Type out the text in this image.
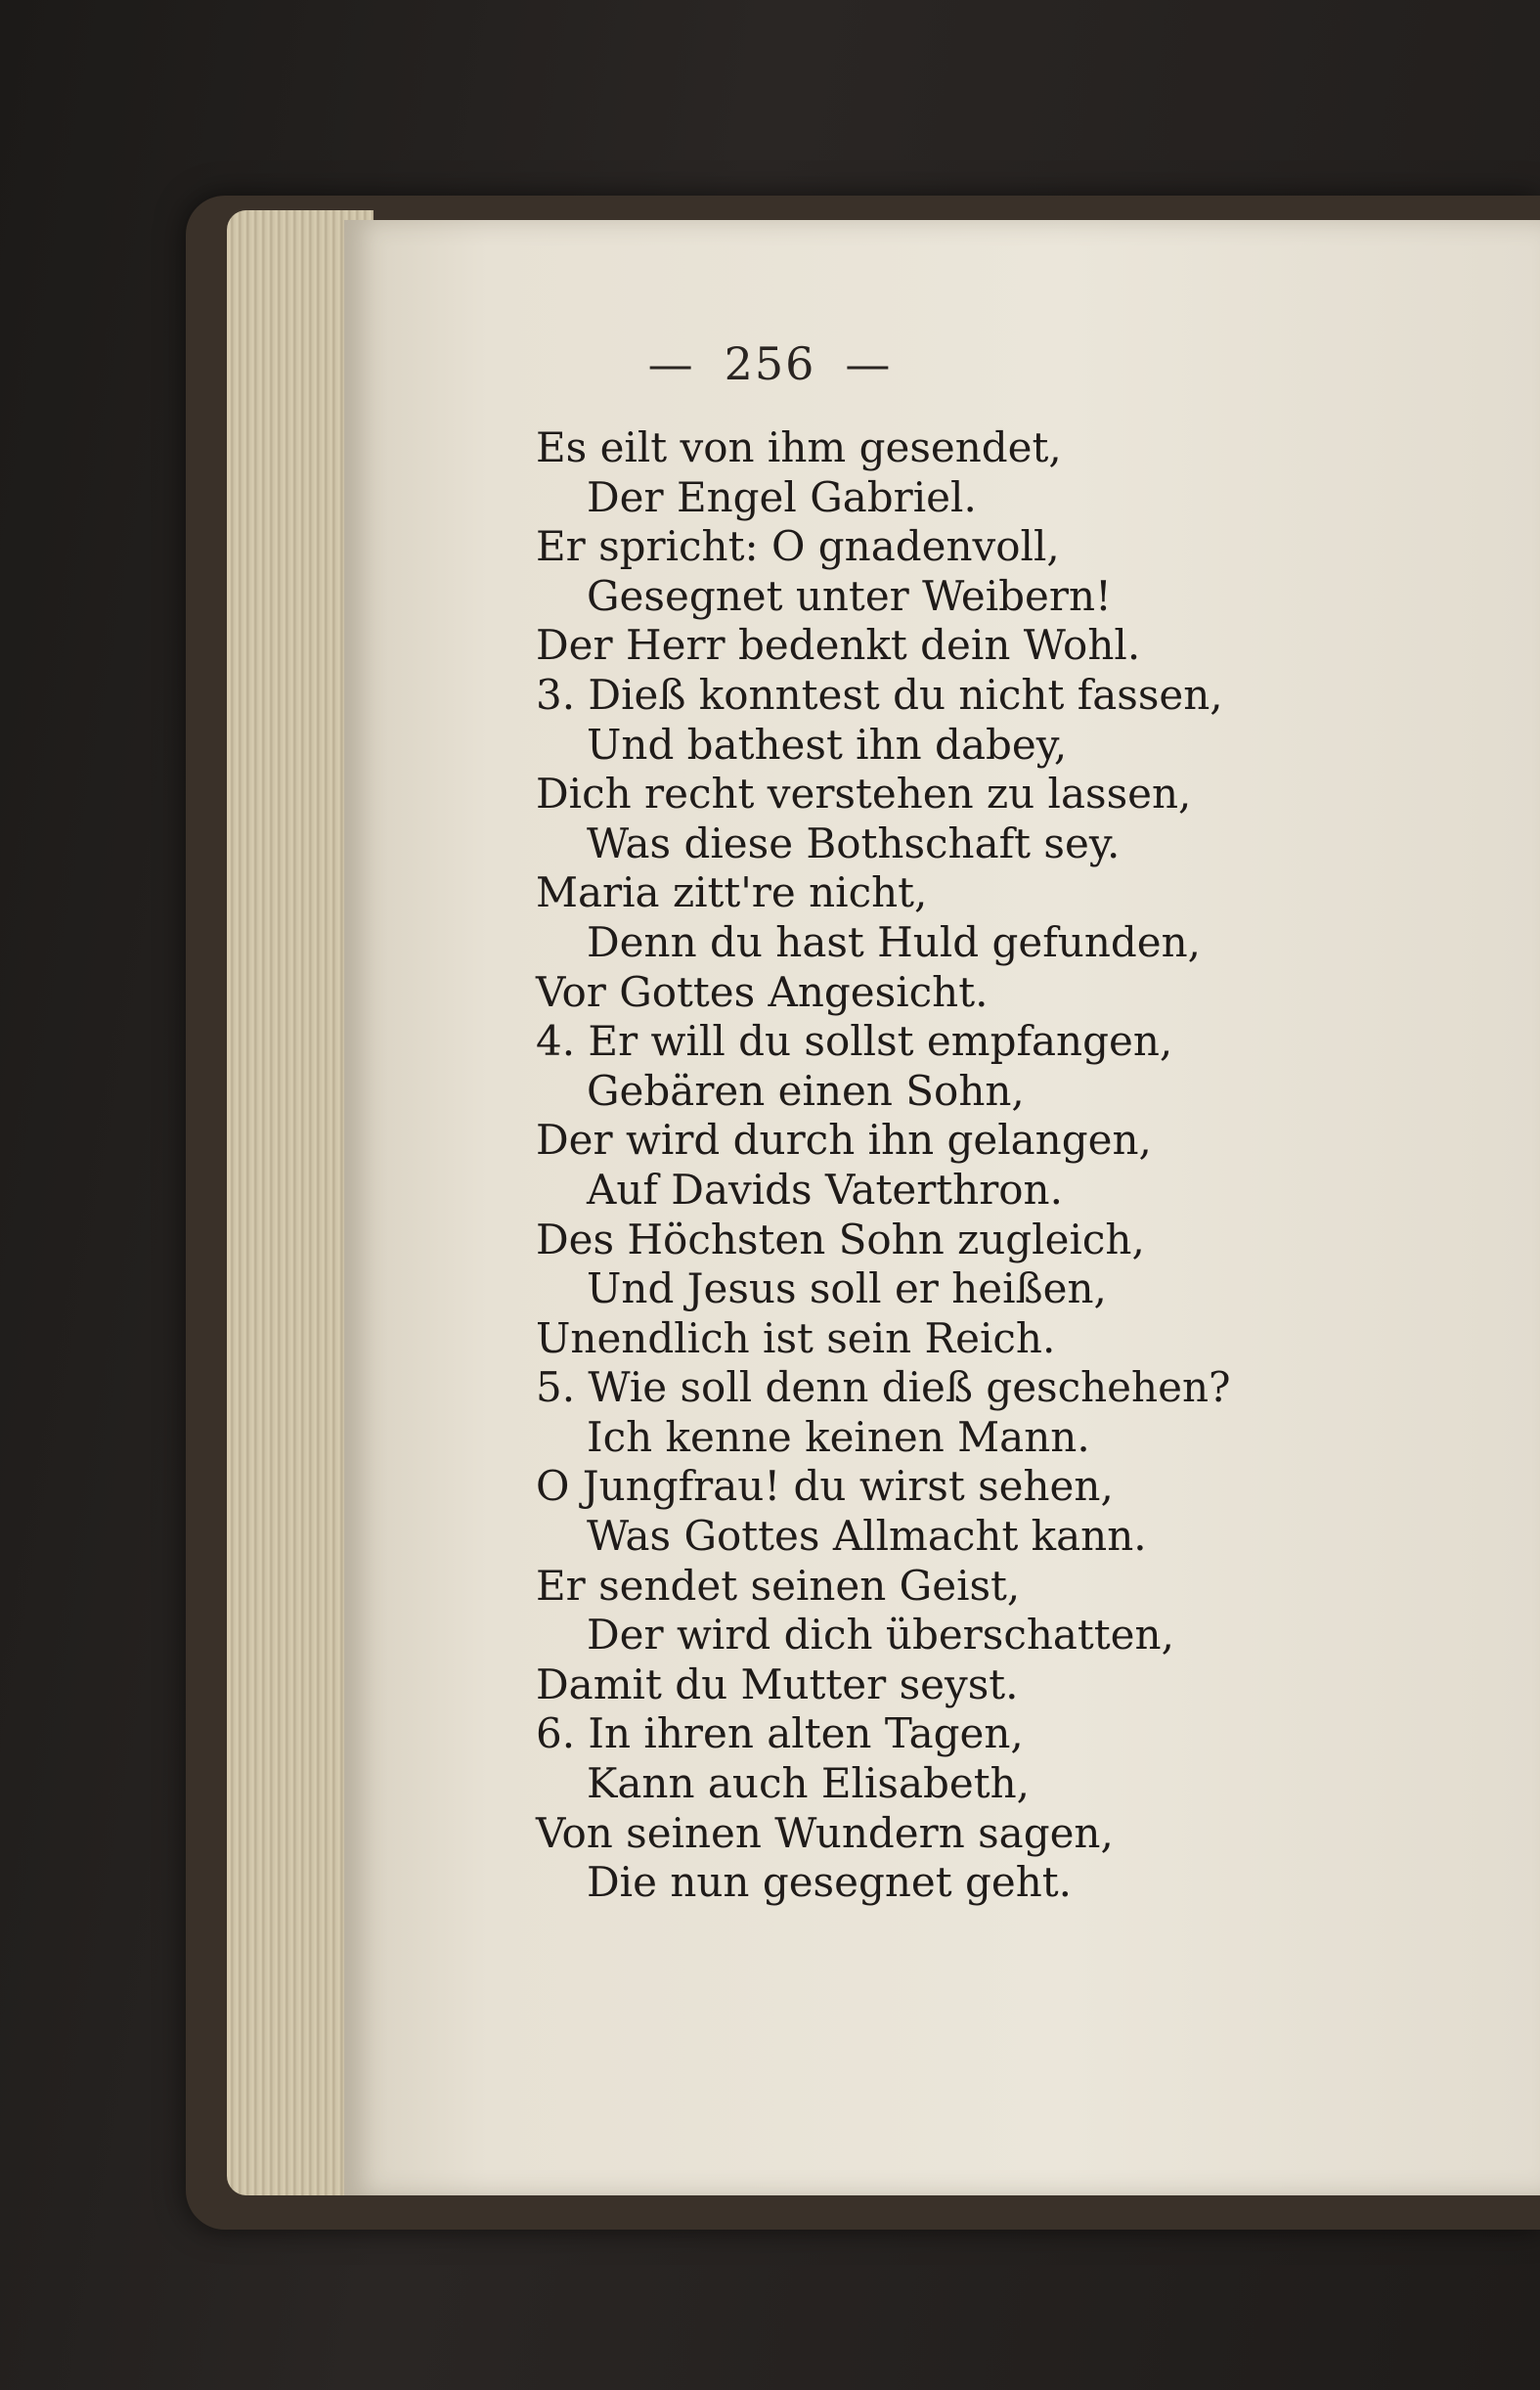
— 256 —
Es eilt von ihm gesendet,
Der Engel Gabriel.
Er spricht: O gnadenvoll,
Gesegnet unter Weibern!
Der Herr bedenkt dein Wohl.
3. Dieß konntest du nicht fassen,
Und bathest ihn dabey,
Dich recht verstehen zu lassen,
Was diese Bothschaft sey.
Maria zitt're nicht,
Denn du hast Huld gefunden,
Vor Gottes Angesicht.
4. Er will du sollst empfangen,
Gebären einen Sohn,
Der wird durch ihn gelangen,
Auf Davids Vaterthron.
Des Höchsten Sohn zugleich,
Und Jesus soll er heißen,
Unendlich ist sein Reich.
5. Wie soll denn dieß geschehen?
Ich kenne keinen Mann.
O Jungfrau! du wirst sehen,
Was Gottes Allmacht kann.
Er sendet seinen Geist,
Der wird dich überschatten,
Damit du Mutter seyst.
6. In ihren alten Tagen,
Kann auch Elisabeth,
Von seinen Wundern sagen,
Die nun gesegnet geht.
